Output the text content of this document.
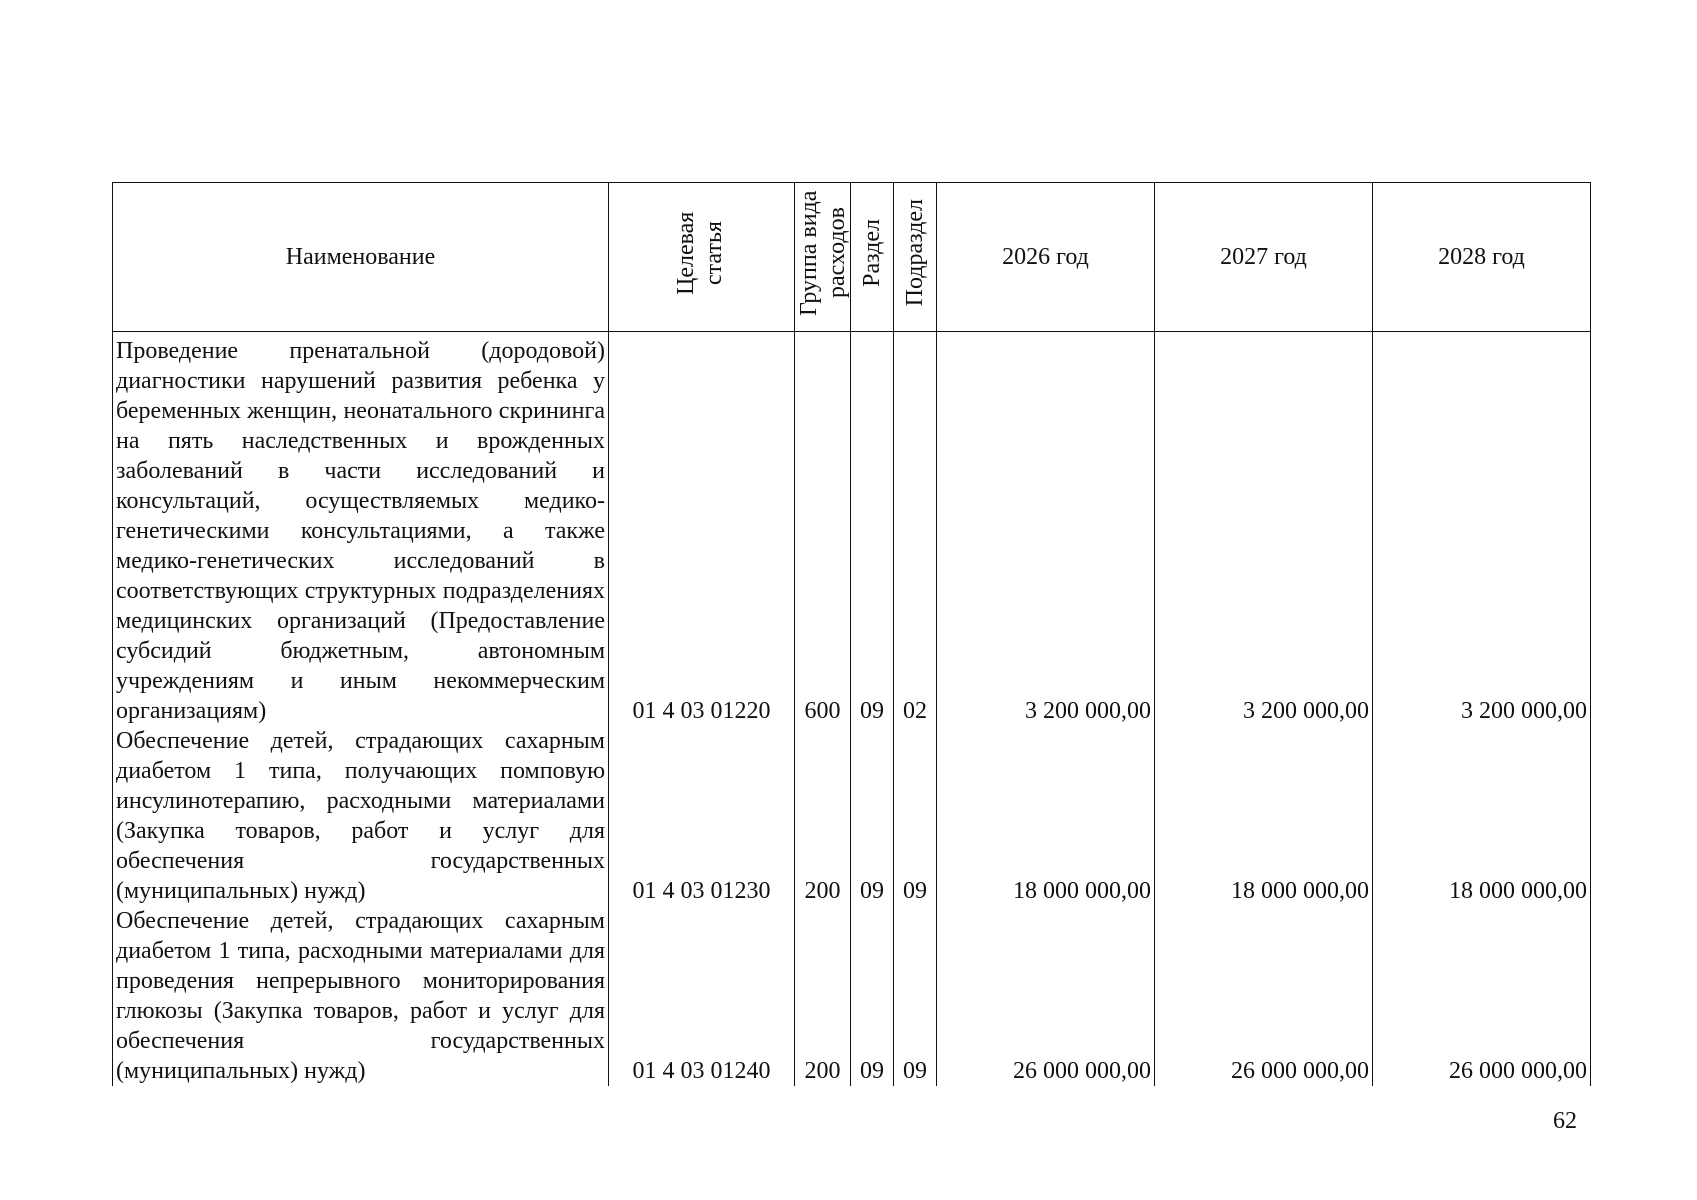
Наименование	Целевая статья	Группа вида расходов	Раздел	Подраздел	2026 год	2027 год	2028 год
Проведение пренатальной (дородовой) диагностики нарушений развития ребенка у беременных женщин, неонатального скрининга на пять наследственных и врожденных заболеваний в части исследований и консультаций, осуществляемых медико-генетическими консультациями, а также медико-генетических исследований в соответствующих структурных подразделениях медицинских организаций (Предоставление субсидий бюджетным, автономным учреждениям и иным некоммерческим организациям)	01 4 03 01220	600	09	02	3 200 000,00	3 200 000,00	3 200 000,00
Обеспечение детей, страдающих сахарным диабетом 1 типа, получающих помповую инсулинотерапию, расходными материалами (Закупка товаров, работ и услуг для обеспечения государственных (муниципальных) нужд)	01 4 03 01230	200	09	09	18 000 000,00	18 000 000,00	18 000 000,00
Обеспечение детей, страдающих сахарным диабетом 1 типа, расходными материалами для проведения непрерывного мониторирования глюкозы (Закупка товаров, работ и услуг для обеспечения государственных (муниципальных) нужд)	01 4 03 01240	200	09	09	26 000 000,00	26 000 000,00	26 000 000,00
62
